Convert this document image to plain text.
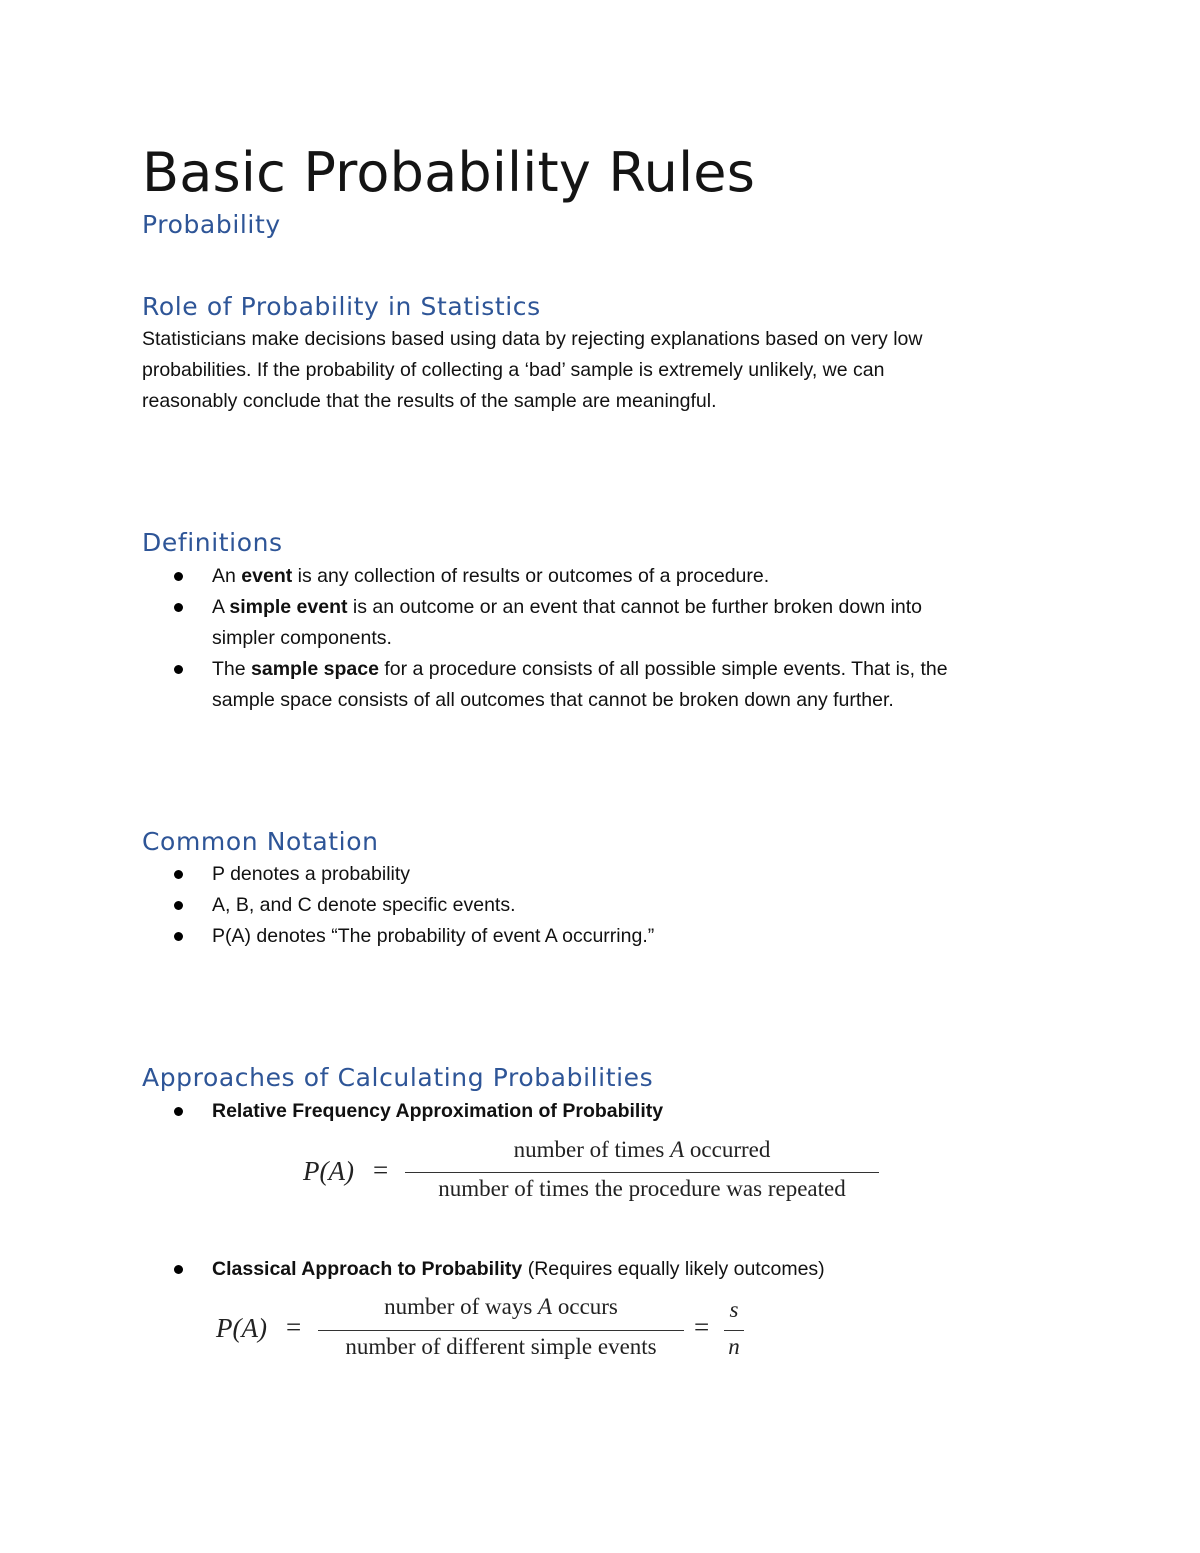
Basic Probability Rules
Probability
Role of Probability in Statistics

Statisticians make decisions based using data by rejecting explanations based on very low

probabilities. If the probability of collecting a ‘bad’ sample is extremely unlikely, we can

reasonably conclude that the results of the sample are meaningful.

Definitions
An event is any collection of results or outcomes of a procedure.
A simple event is an outcome or an event that cannot be further broken down into
simpler components.
The sample space for a procedure consists of all possible simple events. That is, the
sample space consists of all outcomes that cannot be broken down any further.
Common Notation
P denotes a probability
A, B, and C denote specific events.
P(A) denotes “The probability of event A occurring.”
Approaches of Calculating Probabilities
Relative Frequency Approximation of Probability
P(A) =
number of times A occurred
number of times the procedure was repeated
Classical Approach to Probability (Requires equally likely outcomes)
P(A) =
number of ways A occurs
number of different simple events
=
s
n
